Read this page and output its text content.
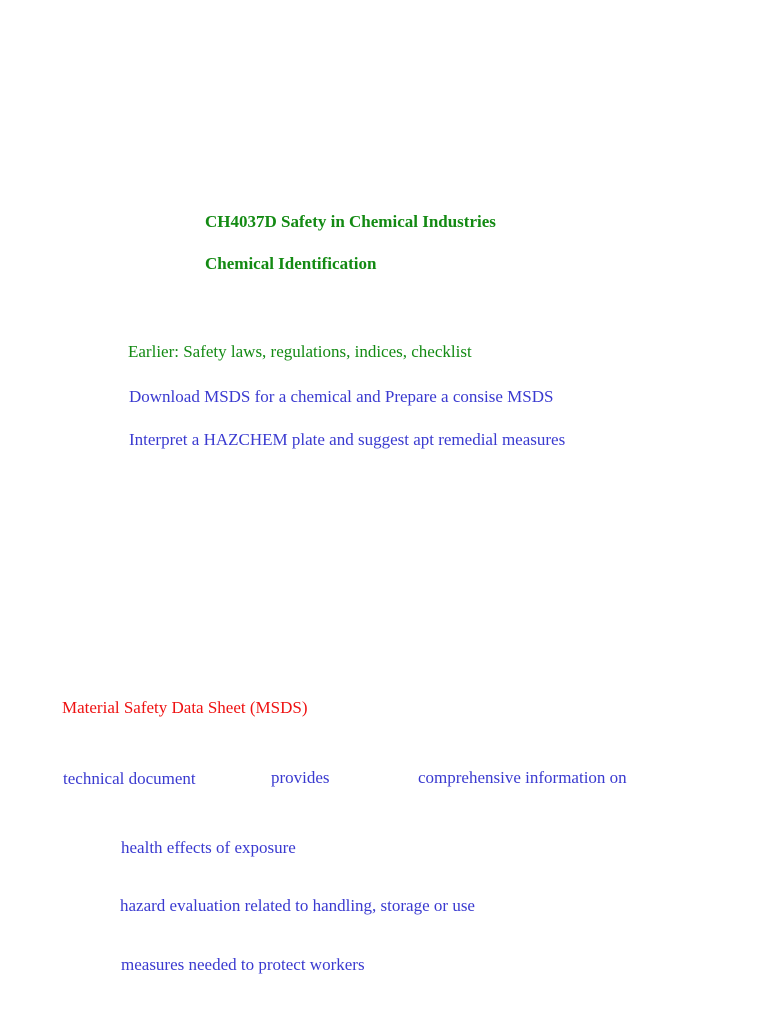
CH4037D Safety in Chemical Industries
Chemical Identification
Earlier: Safety laws, regulations, indices, checklist
Download MSDS for a chemical and Prepare a consise MSDS
Interpret a HAZCHEM plate and suggest apt remedial measures
Material Safety Data Sheet (MSDS)
technical document	provides	comprehensive information on
health effects of exposure
hazard evaluation related to handling, storage or use
measures needed to protect workers
